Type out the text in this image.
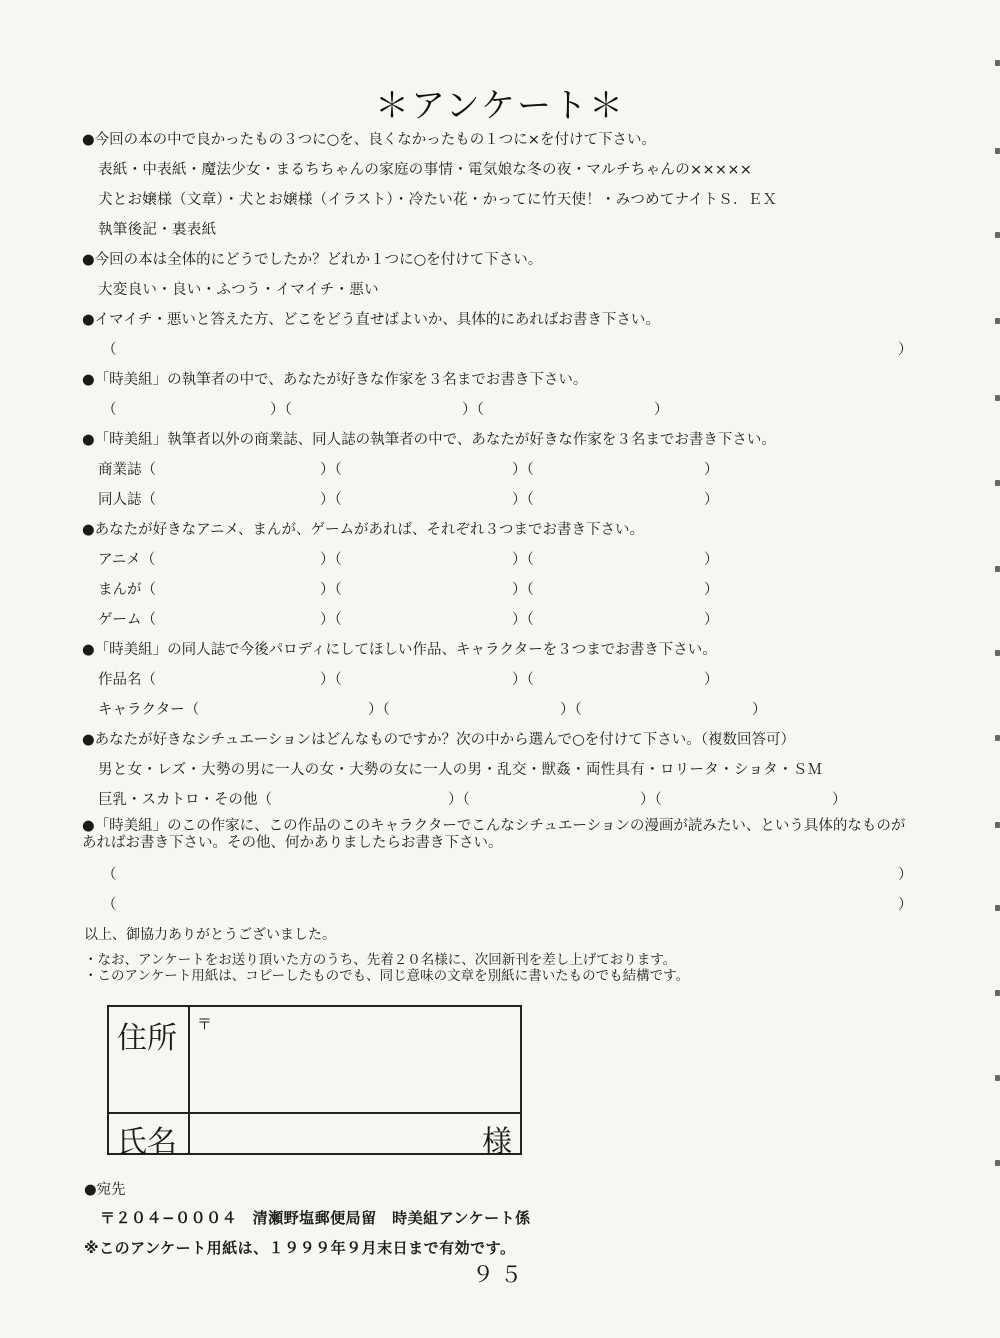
＊アンケート＊
●今回の本の中で良かったもの３つに○を、良くなかったもの１つに×を付けて下さい。
表紙・中表紙・魔法少女・まるちちゃんの家庭の事情・電気娘な冬の夜・マルチちゃんの×××××
犬とお嬢様（文章）・犬とお嬢様（イラスト）・冷たい花・かってに竹天使！・みつめてナイトＳ．ＥＸ
執筆後記・裏表紙
●今回の本は全体的にどうでしたか？どれか１つに○を付けて下さい。
大変良い・良い・ふつう・イマイチ・悪い
●イマイチ・悪いと答えた方、どこをどう直せばよいか、具体的にあればお書き下さい。
（	）
●「時美組」の執筆者の中で、あなたが好きな作家を３名までお書き下さい。
（	）（	）（	）
●「時美組」執筆者以外の商業誌、同人誌の執筆者の中で、あなたが好きな作家を３名までお書き下さい。
商業誌（	）（	）（	）
同人誌（	）（	）（	）
●あなたが好きなアニメ、まんが、ゲームがあれば、それぞれ３つまでお書き下さい。
アニメ（	）（	）（	）
まんが（	）（	）（	）
ゲーム（	）（	）（	）
●「時美組」の同人誌で今後パロディにしてほしい作品、キャラクターを３つまでお書き下さい。
作品名（	）（	）（	）
キャラクター（	）（	）（	）
●あなたが好きなシチュエーションはどんなものですか？次の中から選んで○を付けて下さい。（複数回答可）
男と女・レズ・大勢の男に一人の女・大勢の女に一人の男・乱交・獣姦・両性具有・ロリータ・ショタ・ＳＭ
巨乳・スカトロ・その他（	）（	）（	）
●「時美組」のこの作家に、この作品のこのキャラクターでこんなシチュエーションの漫画が読みたい、という具体的なものがあればお書き下さい。その他、何かありましたらお書き下さい。
（	）
（	）
以上、御協力ありがとうございました。
・なお、アンケートをお送り頂いた方のうち、先着２０名様に、次回新刊を差し上げております。
・このアンケート用紙は、コピーしたものでも、同じ意味の文章を別紙に書いたものでも結構です。
住所 〒
氏名	様
●宛先
〒２０４−０００４　清瀬野塩郵便局留　時美組アンケート係
※このアンケート用紙は、１９９９年９月末日まで有効です。
９５
